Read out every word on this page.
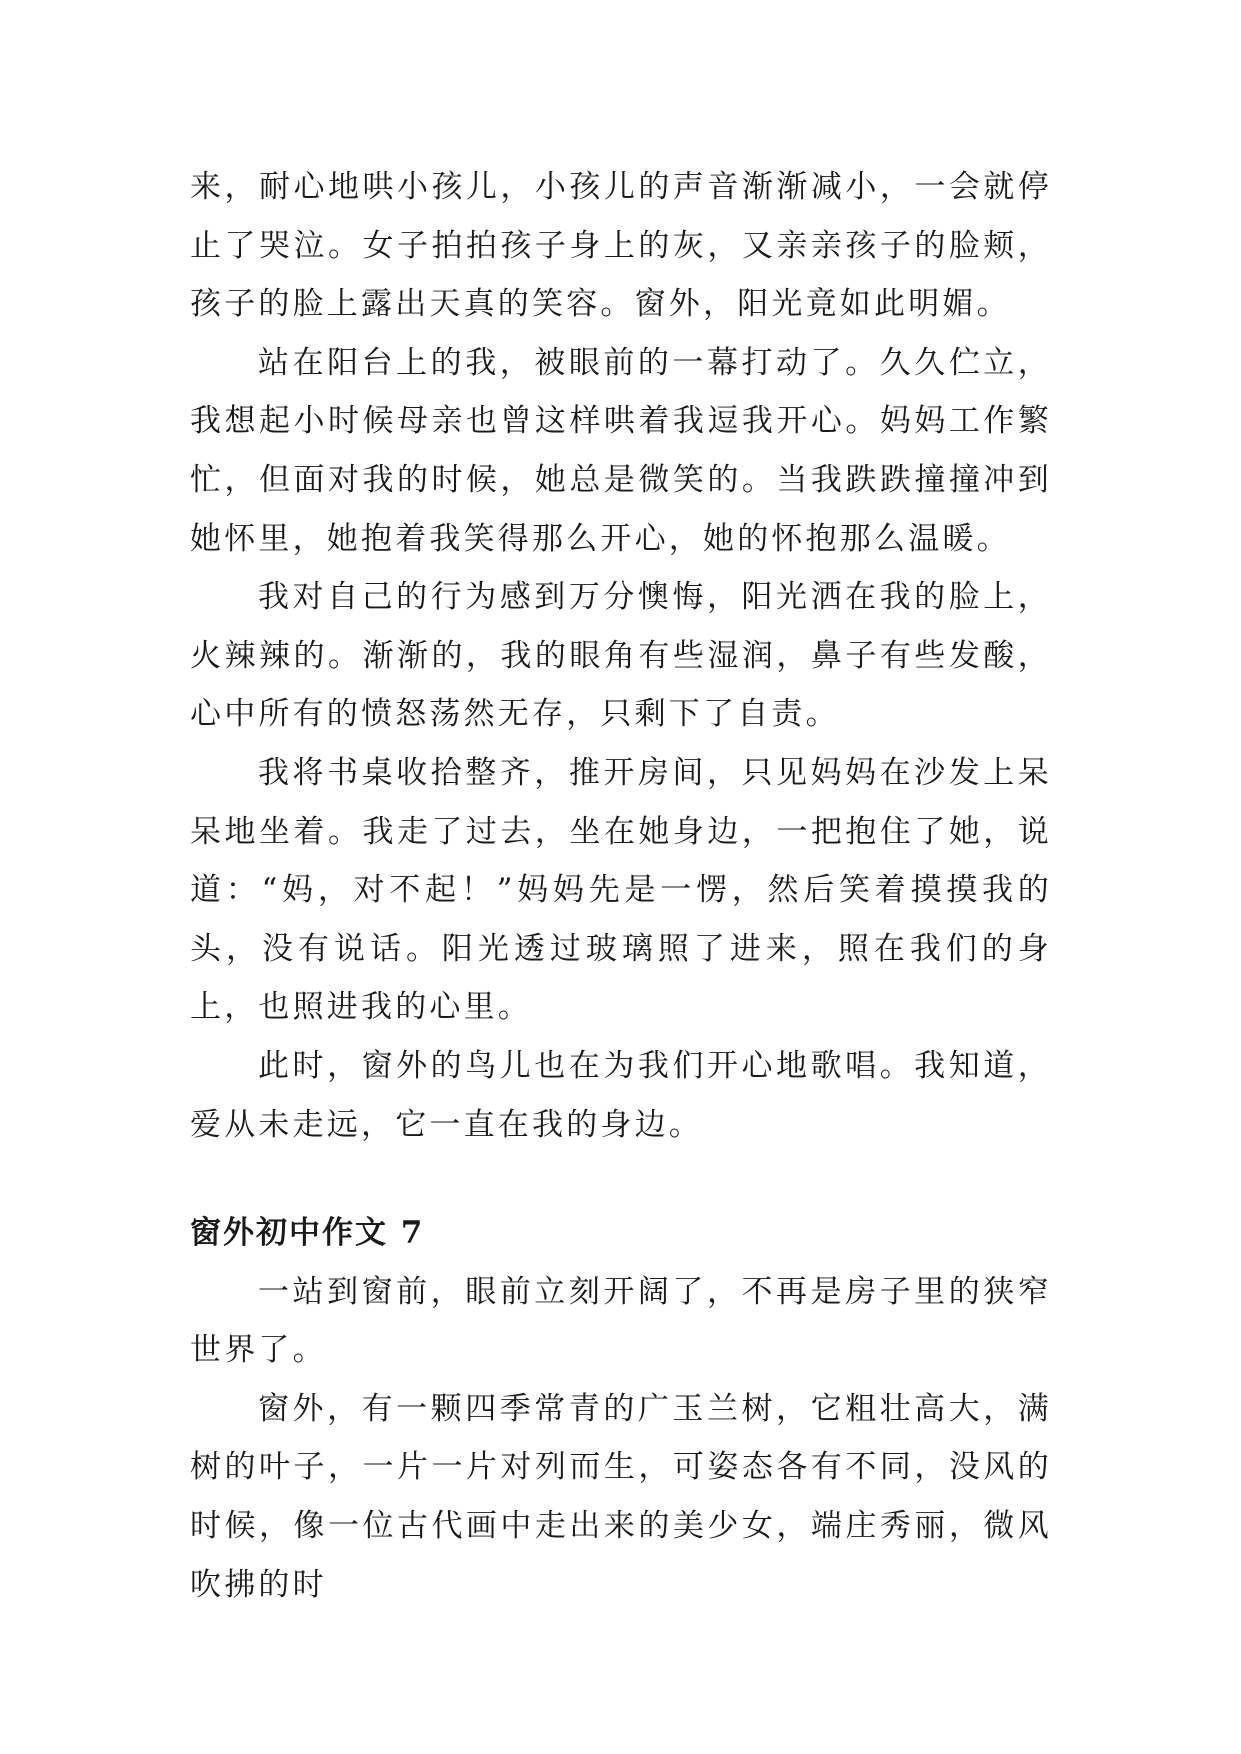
来，耐心地哄小孩儿，小孩儿的声音渐渐减小，一会就停止了哭泣。女子拍拍孩子身上的灰，又亲亲孩子的脸颊，孩子的脸上露出天真的笑容。窗外，阳光竟如此明媚。

站在阳台上的我，被眼前的一幕打动了。久久伫立，我想起小时候母亲也曾这样哄着我逗我开心。妈妈工作繁忙，但面对我的时候，她总是微笑的。当我跌跌撞撞冲到她怀里，她抱着我笑得那么开心，她的怀抱那么温暖。

我对自己的行为感到万分懊悔，阳光洒在我的脸上，火辣辣的。渐渐的，我的眼角有些湿润，鼻子有些发酸，心中所有的愤怒荡然无存，只剩下了自责。

我将书桌收拾整齐，推开房间，只见妈妈在沙发上呆呆地坐着。我走了过去，坐在她身边，一把抱住了她，说道：“妈，对不起！”妈妈先是一愣，然后笑着摸摸我的头，没有说话。阳光透过玻璃照了进来，照在我们的身上，也照进我的心里。

此时，窗外的鸟儿也在为我们开心地歌唱。我知道，爱从未走远，它一直在我的身边。

窗外初中作文 7

一站到窗前，眼前立刻开阔了，不再是房子里的狭窄世界了。

窗外，有一颗四季常青的广玉兰树，它粗壮高大，满树的叶子，一片一片对列而生，可姿态各有不同，没风的时候，像一位古代画中走出来的美少女，端庄秀丽，微风吹拂的时
